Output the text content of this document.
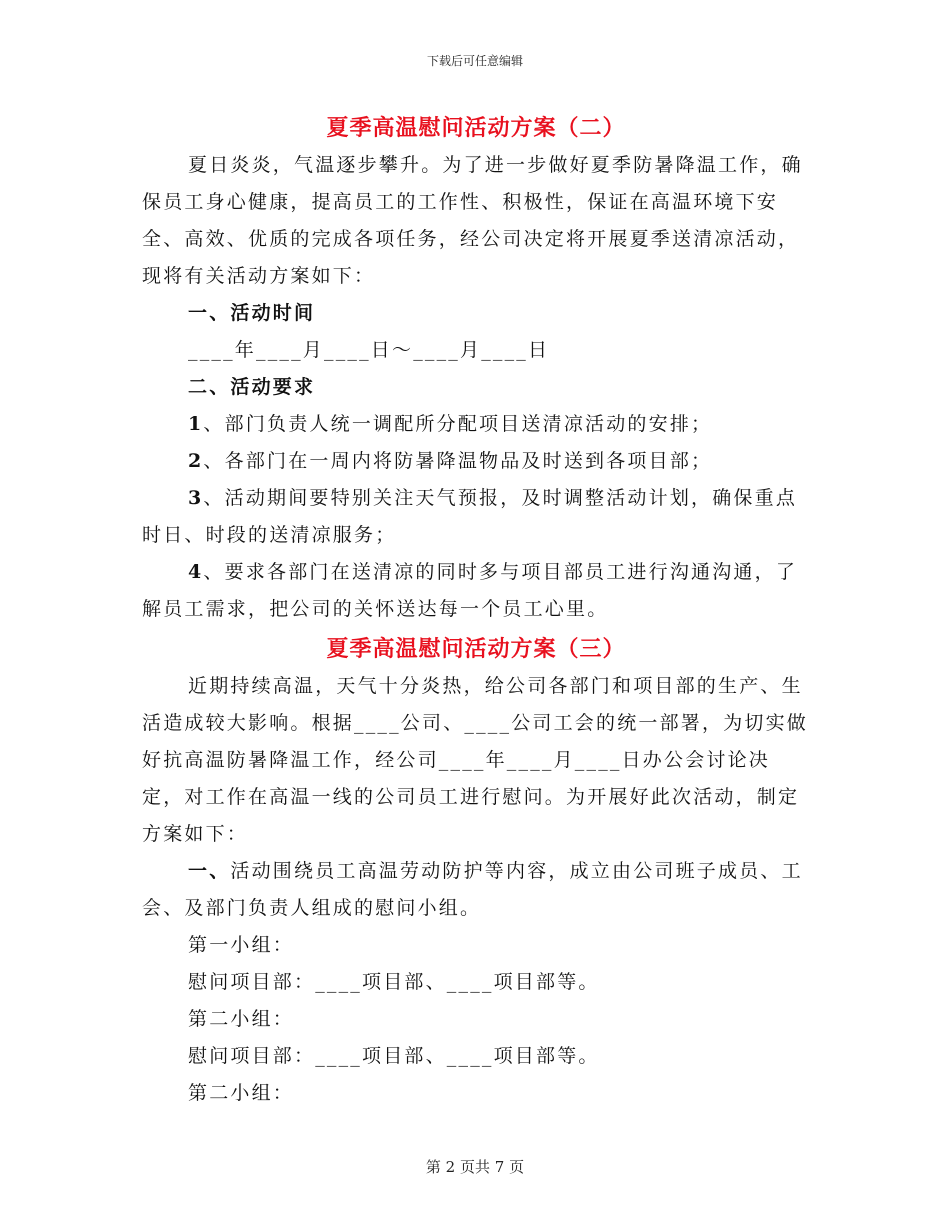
下载后可任意编辑
夏季高温慰问活动方案（二）

夏日炎炎，气温逐步攀升。为了进一步做好夏季防暑降温工作，确保员工身心健康，提高员工的工作性、积极性，保证在高温环境下安全、高效、优质的完成各项任务，经公司决定将开展夏季送清凉活动，现将有关活动方案如下：

一、活动时间

____年____月____日～____月____日

二、活动要求

1、部门负责人统一调配所分配项目送清凉活动的安排；

2、各部门在一周内将防暑降温物品及时送到各项目部；

3、活动期间要特别关注天气预报，及时调整活动计划，确保重点时日、时段的送清凉服务；

4、要求各部门在送清凉的同时多与项目部员工进行沟通沟通，了解员工需求，把公司的关怀送达每一个员工心里。

夏季高温慰问活动方案（三）

近期持续高温，天气十分炎热，给公司各部门和项目部的生产、生活造成较大影响。根据____公司、____公司工会的统一部署，为切实做好抗高温防暑降温工作，经公司____年____月____日办公会讨论决定，对工作在高温一线的公司员工进行慰问。为开展好此次活动，制定方案如下：

一、活动围绕员工高温劳动防护等内容，成立由公司班子成员、工会、及部门负责人组成的慰问小组。

第一小组：

慰问项目部：____项目部、____项目部等。

第二小组：

慰问项目部：____项目部、____项目部等。

第二小组：

第 2 页共 7 页
